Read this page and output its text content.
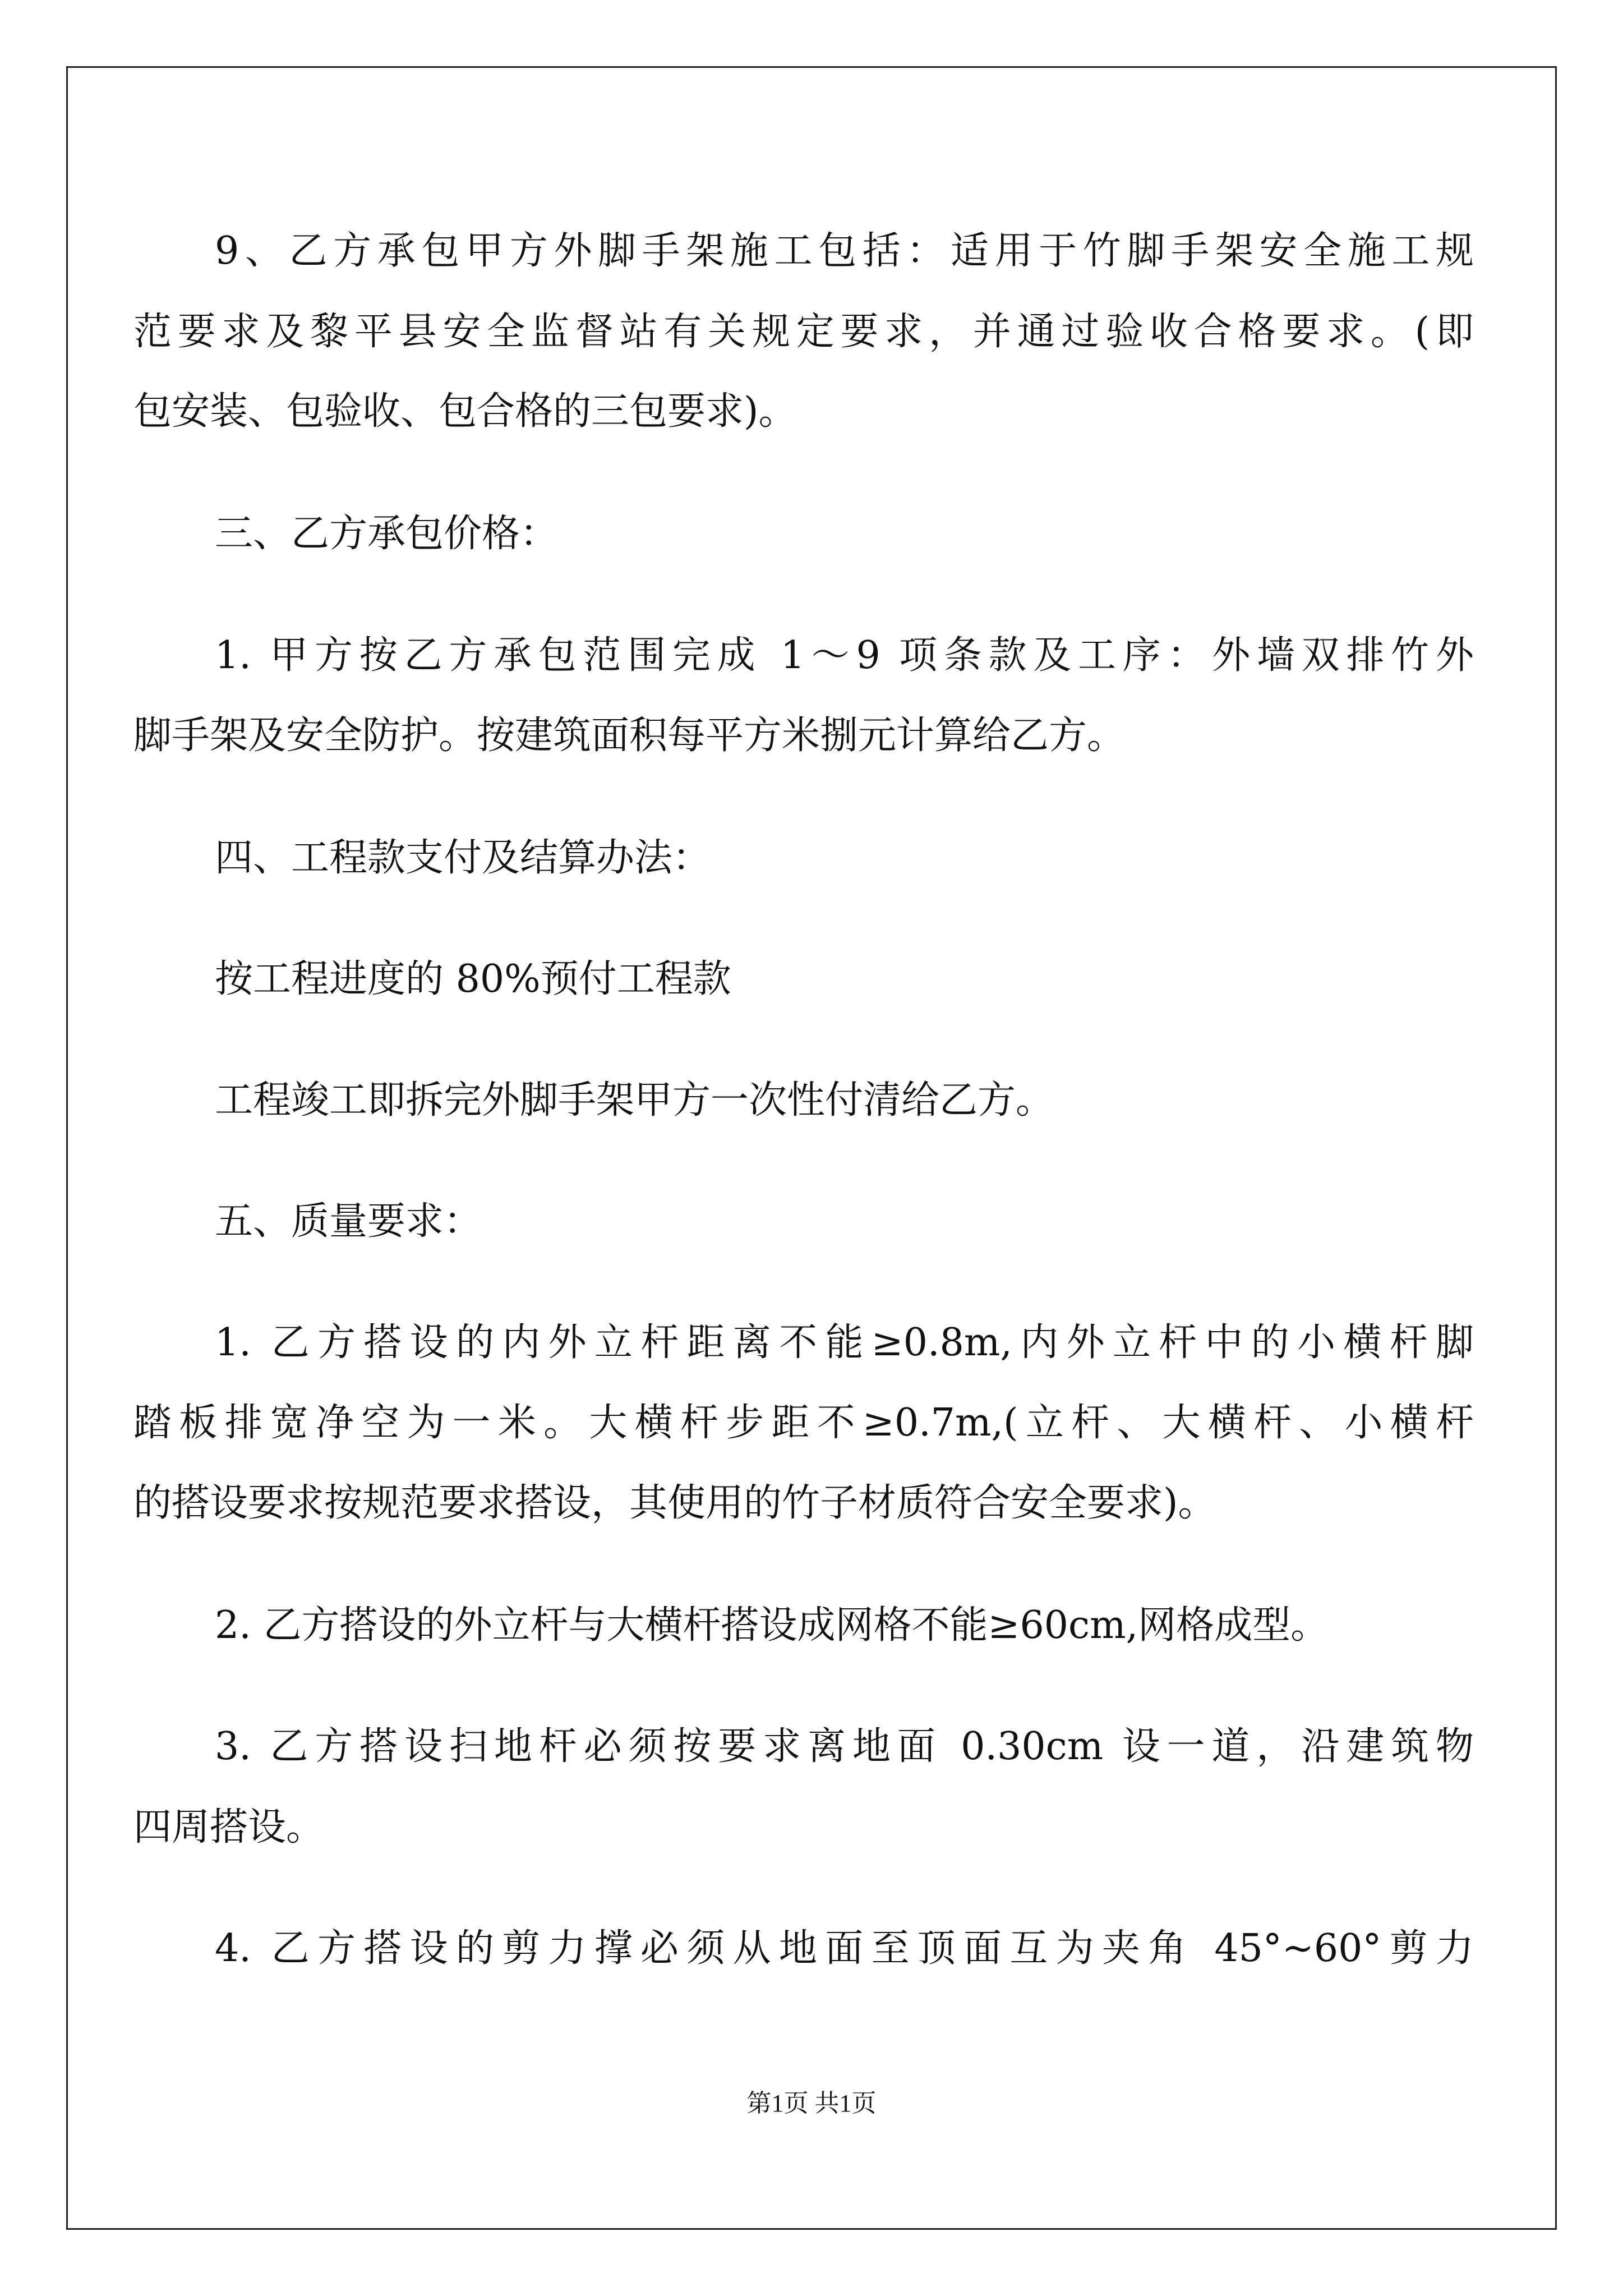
9、乙方承包甲方外脚手架施工包括：适用于竹脚手架安全施工规
范要求及黎平县安全监督站有关规定要求，并通过验收合格要求。(即
包安装、包验收、包合格的三包要求)。
三、乙方承包价格：
1. 甲方按乙方承包范围完成 1～9 项条款及工序：外墙双排竹外
脚手架及安全防护。按建筑面积每平方米捌元计算给乙方。
四、工程款支付及结算办法：
按工程进度的 80%预付工程款
工程竣工即拆完外脚手架甲方一次性付清给乙方。
五、质量要求：
1. 乙方搭设的内外立杆距离不能≥0.8m,内外立杆中的小横杆脚
踏板排宽净空为一米。大横杆步距不≥0.7m,(立杆、大横杆、小横杆
的搭设要求按规范要求搭设，其使用的竹子材质符合安全要求)。
2. 乙方搭设的外立杆与大横杆搭设成网格不能≥60cm,网格成型。
3. 乙方搭设扫地杆必须按要求离地面 0.30cm 设一道，沿建筑物
四周搭设。
4. 乙方搭设的剪力撑必须从地面至顶面互为夹角 45°~60°剪力
第1页 共1页
